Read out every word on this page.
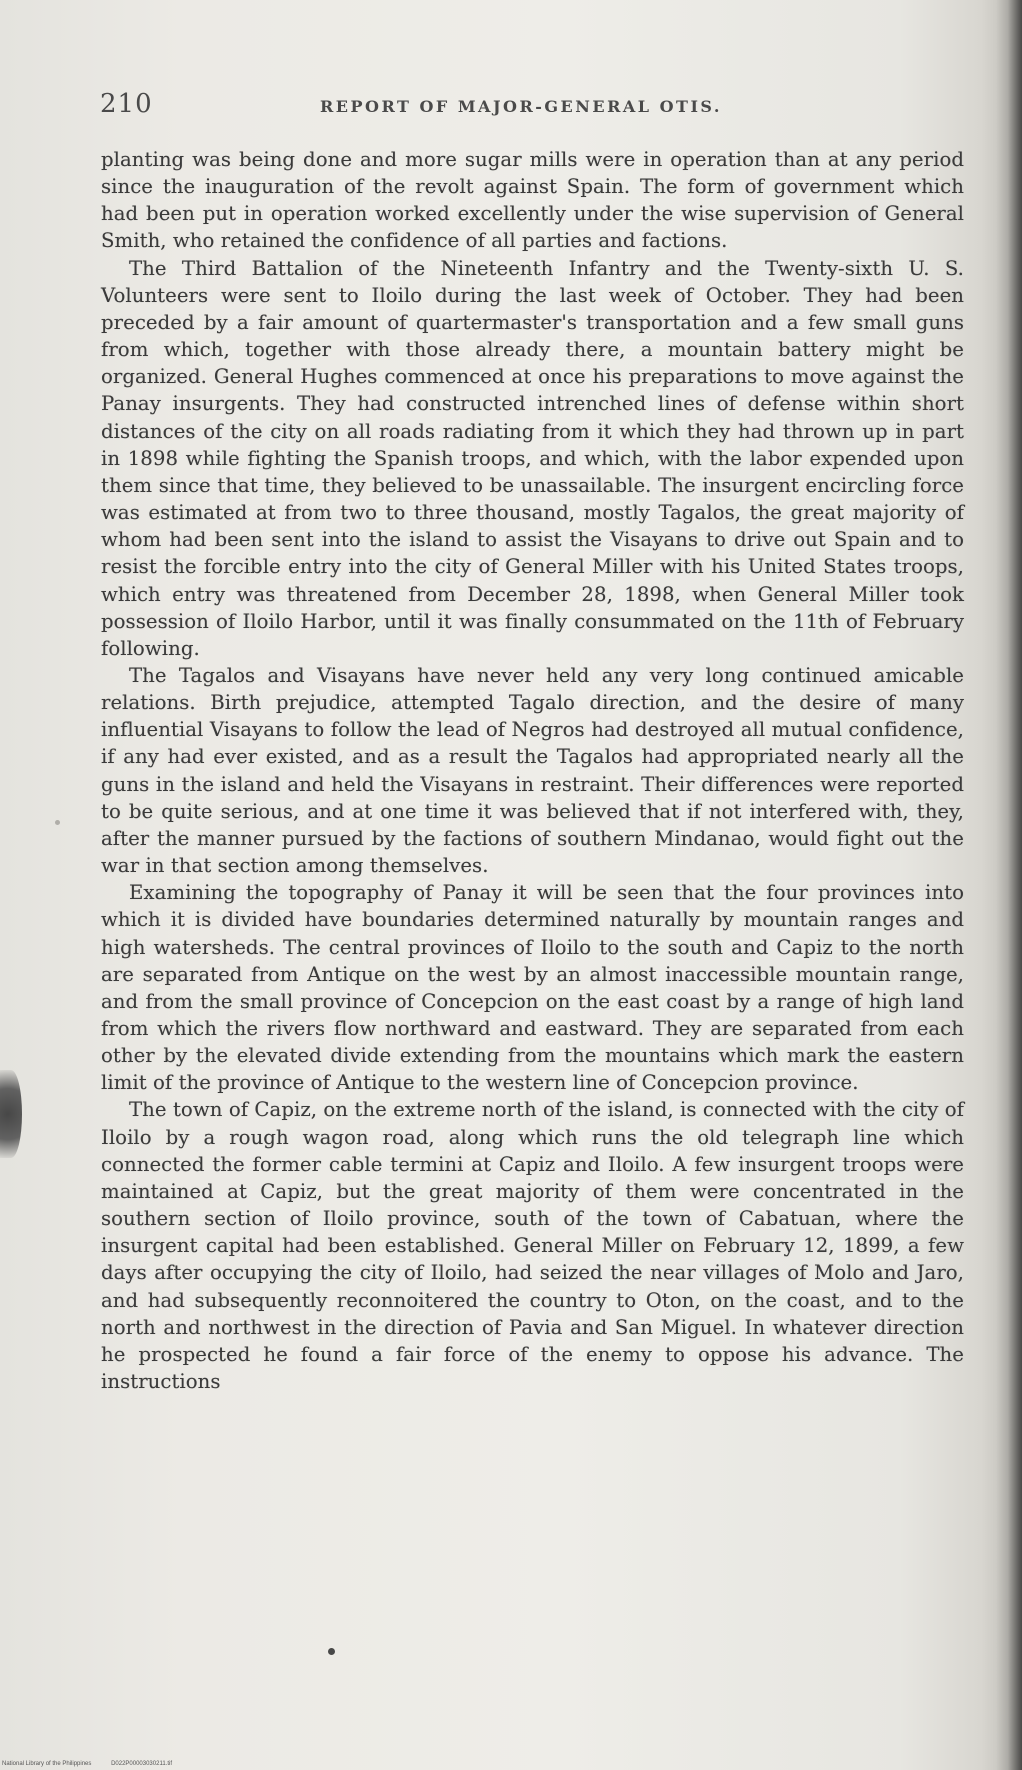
210	REPORT OF MAJOR-GENERAL OTIS.

planting was being done and more sugar mills were in operation than at any period since the inauguration of the revolt against Spain. The form of government which had been put in operation worked excellently under the wise supervision of General Smith, who retained the confidence of all parties and factions.

The Third Battalion of the Nineteenth Infantry and the Twenty-sixth U. S. Volunteers were sent to Iloilo during the last week of October. They had been preceded by a fair amount of quartermaster's transportation and a few small guns from which, together with those already there, a mountain battery might be organized. General Hughes commenced at once his preparations to move against the Panay insurgents. They had constructed intrenched lines of defense within short distances of the city on all roads radiating from it which they had thrown up in part in 1898 while fighting the Spanish troops, and which, with the labor expended upon them since that time, they believed to be unassailable. The insurgent encircling force was estimated at from two to three thousand, mostly Tagalos, the great majority of whom had been sent into the island to assist the Visayans to drive out Spain and to resist the forcible entry into the city of General Miller with his United States troops, which entry was threatened from December 28, 1898, when General Miller took possession of Iloilo Harbor, until it was finally consummated on the 11th of February following.

The Tagalos and Visayans have never held any very long continued amicable relations. Birth prejudice, attempted Tagalo direction, and the desire of many influential Visayans to follow the lead of Negros had destroyed all mutual confidence, if any had ever existed, and as a result the Tagalos had appropriated nearly all the guns in the island and held the Visayans in restraint. Their differences were reported to be quite serious, and at one time it was believed that if not interfered with, they, after the manner pursued by the factions of southern Mindanao, would fight out the war in that section among themselves.

Examining the topography of Panay it will be seen that the four provinces into which it is divided have boundaries determined naturally by mountain ranges and high watersheds. The central provinces of Iloilo to the south and Capiz to the north are separated from Antique on the west by an almost inaccessible mountain range, and from the small province of Concepcion on the east coast by a range of high land from which the rivers flow northward and eastward. They are separated from each other by the elevated divide extending from the mountains which mark the eastern limit of the province of Antique to the western line of Concepcion province.

The town of Capiz, on the extreme north of the island, is connected with the city of Iloilo by a rough wagon road, along which runs the old telegraph line which connected the former cable termini at Capiz and Iloilo. A few insurgent troops were maintained at Capiz, but the great majority of them were concentrated in the southern section of Iloilo province, south of the town of Cabatuan, where the insurgent capital had been established. General Miller on February 12, 1899, a few days after occupying the city of Iloilo, had seized the near villages of Molo and Jaro, and had subsequently reconnoitered the country to Oton, on the coast, and to the north and northwest in the direction of Pavia and San Miguel. In whatever direction he prospected he found a fair force of the enemy to oppose his advance. The instructions

National Library of the Philippines	D022P00003030211.tif
